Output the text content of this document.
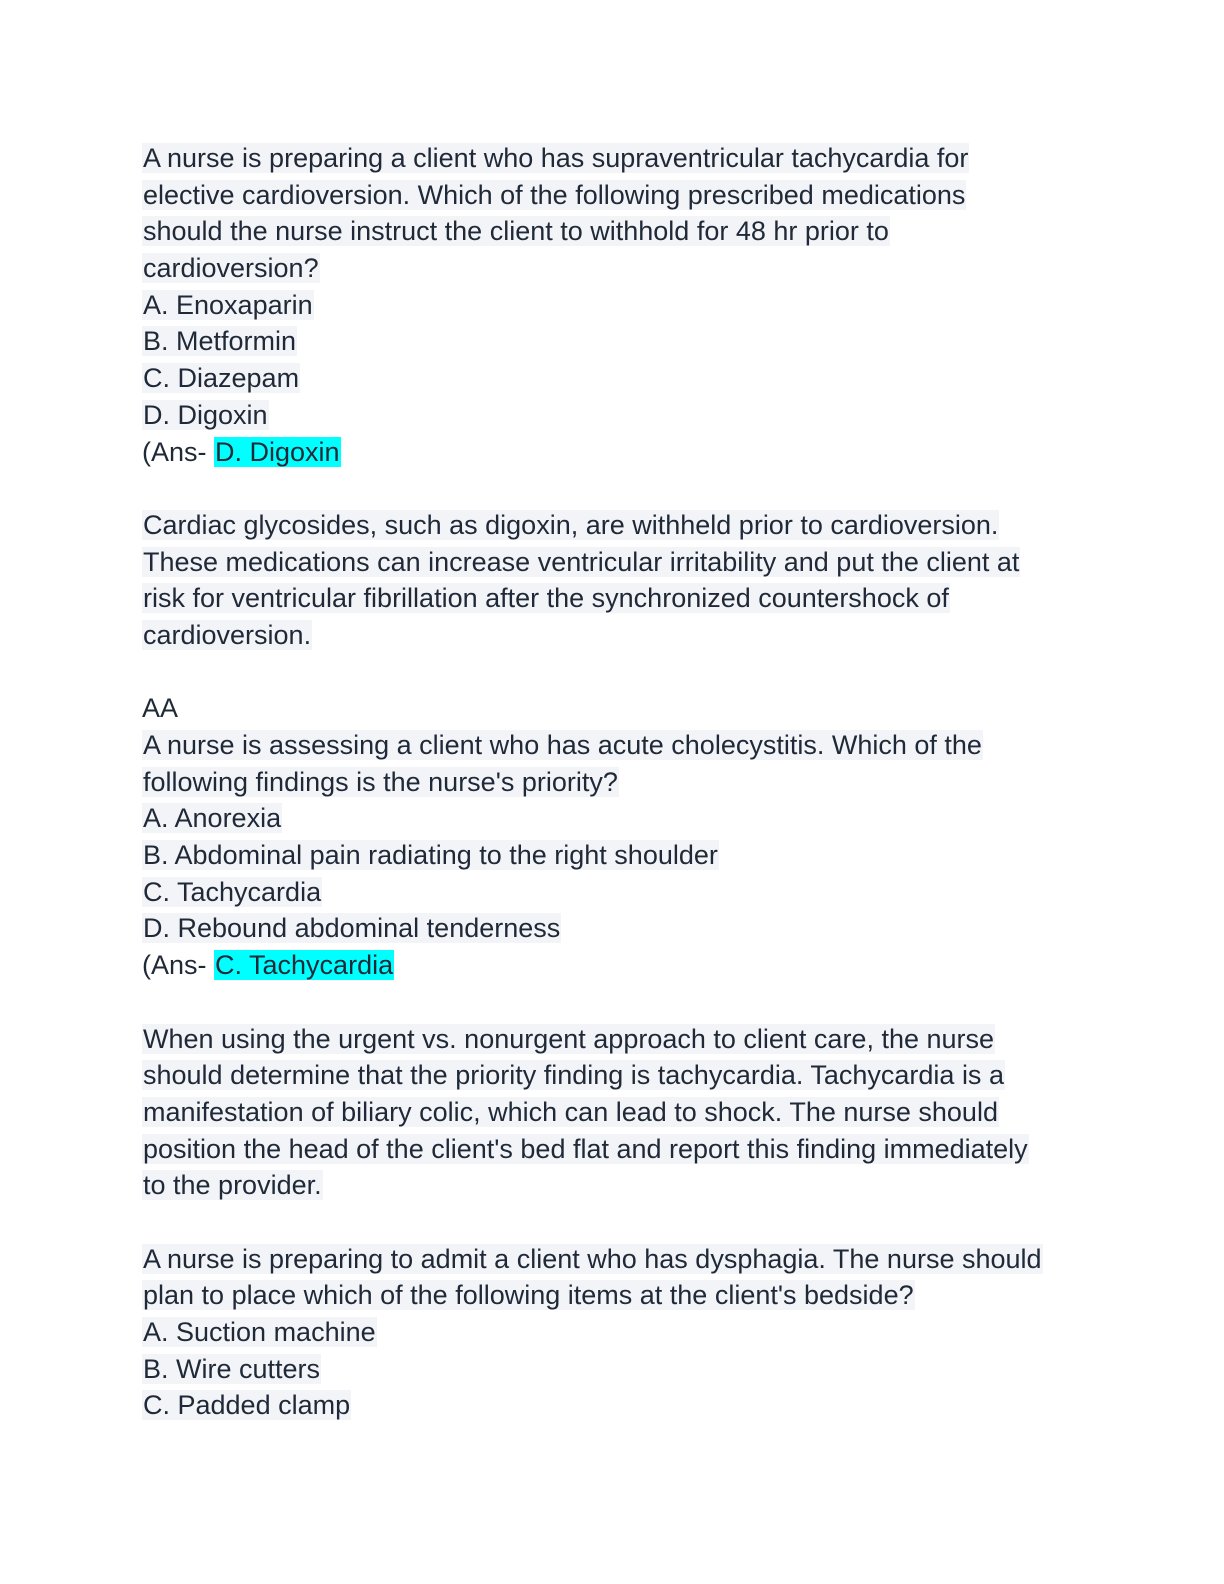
A nurse is preparing a client who has supraventricular tachycardia for
elective cardioversion. Which of the following prescribed medications
should the nurse instruct the client to withhold for 48 hr prior to
cardioversion?
A. Enoxaparin
B. Metformin
C. Diazepam
D. Digoxin
(Ans- D. Digoxin
Cardiac glycosides, such as digoxin, are withheld prior to cardioversion.
These medications can increase ventricular irritability and put the client at
risk for ventricular fibrillation after the synchronized countershock of
cardioversion.
AA
A nurse is assessing a client who has acute cholecystitis. Which of the
following findings is the nurse's priority?
A. Anorexia
B. Abdominal pain radiating to the right shoulder
C. Tachycardia
D. Rebound abdominal tenderness
(Ans- C. Tachycardia
When using the urgent vs. nonurgent approach to client care, the nurse
should determine that the priority finding is tachycardia. Tachycardia is a
manifestation of biliary colic, which can lead to shock. The nurse should
position the head of the client's bed flat and report this finding immediately
to the provider.
A nurse is preparing to admit a client who has dysphagia. The nurse should
plan to place which of the following items at the client's bedside?
A. Suction machine
B. Wire cutters
C. Padded clamp
